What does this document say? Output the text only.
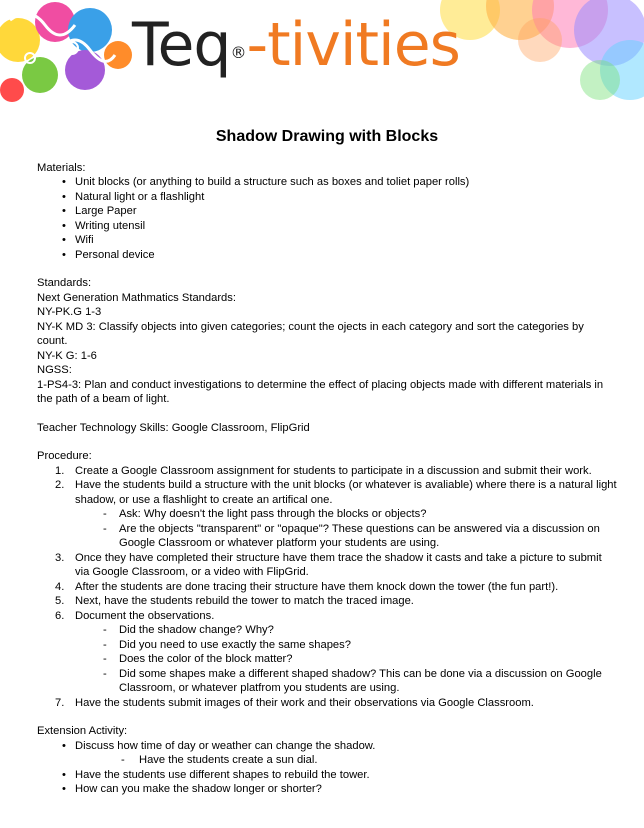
Teq®-tivities
Shadow Drawing with Blocks

Materials:

• Unit blocks (or anything to build a structure such as boxes and toliet paper rolls)
• Natural light or a flashlight
• Large Paper
• Writing utensil
• Wifi
• Personal device

Standards:

Next Generation Mathmatics Standards:

NY-PK.G 1-3

NY-K MD 3: Classify objects into given categories; count the ojects in each category and sort the categories by count.

NY-K G: 1-6

NGSS:

1-PS4-3: Plan and conduct investigations to determine the effect of placing objects made with different materials in the path of a beam of light.

Teacher Technology Skills: Google Classroom, FlipGrid

Procedure:

1. Create a Google Classroom assignment for students to participate in a discussion and submit their work.
2. Have the students build a structure with the unit blocks (or whatever is avaliable) where there is a natural light shadow, or use a flashlight to create an artifical one.
- Ask: Why doesn't the light pass through the blocks or objects?
- Are the objects "transparent" or "opaque"? These questions can be answered via a discussion on Google Classroom or whatever platform your students are using.
3. Once they have completed their structure have them trace the shadow it casts and take a picture to submit via Google Classroom, or a video with FlipGrid.
4. After the students are done tracing their structure have them knock down the tower (the fun part!).
5. Next, have the students rebuild the tower to match the traced image.
6. Document the observations.
- Did the shadow change? Why?
- Did you need to use exactly the same shapes?
- Does the color of the block matter?
- Did some shapes make a different shaped shadow? This can be done via a discussion on Google Classroom, or whatever platfrom you students are using.
7. Have the students submit images of their work and their observations via Google Classroom.

Extension Activity:

• Discuss how time of day or weather can change the shadow.
- Have the students create a sun dial.
• Have the students use different shapes to rebuild the tower.
• How can you make the shadow longer or shorter?
